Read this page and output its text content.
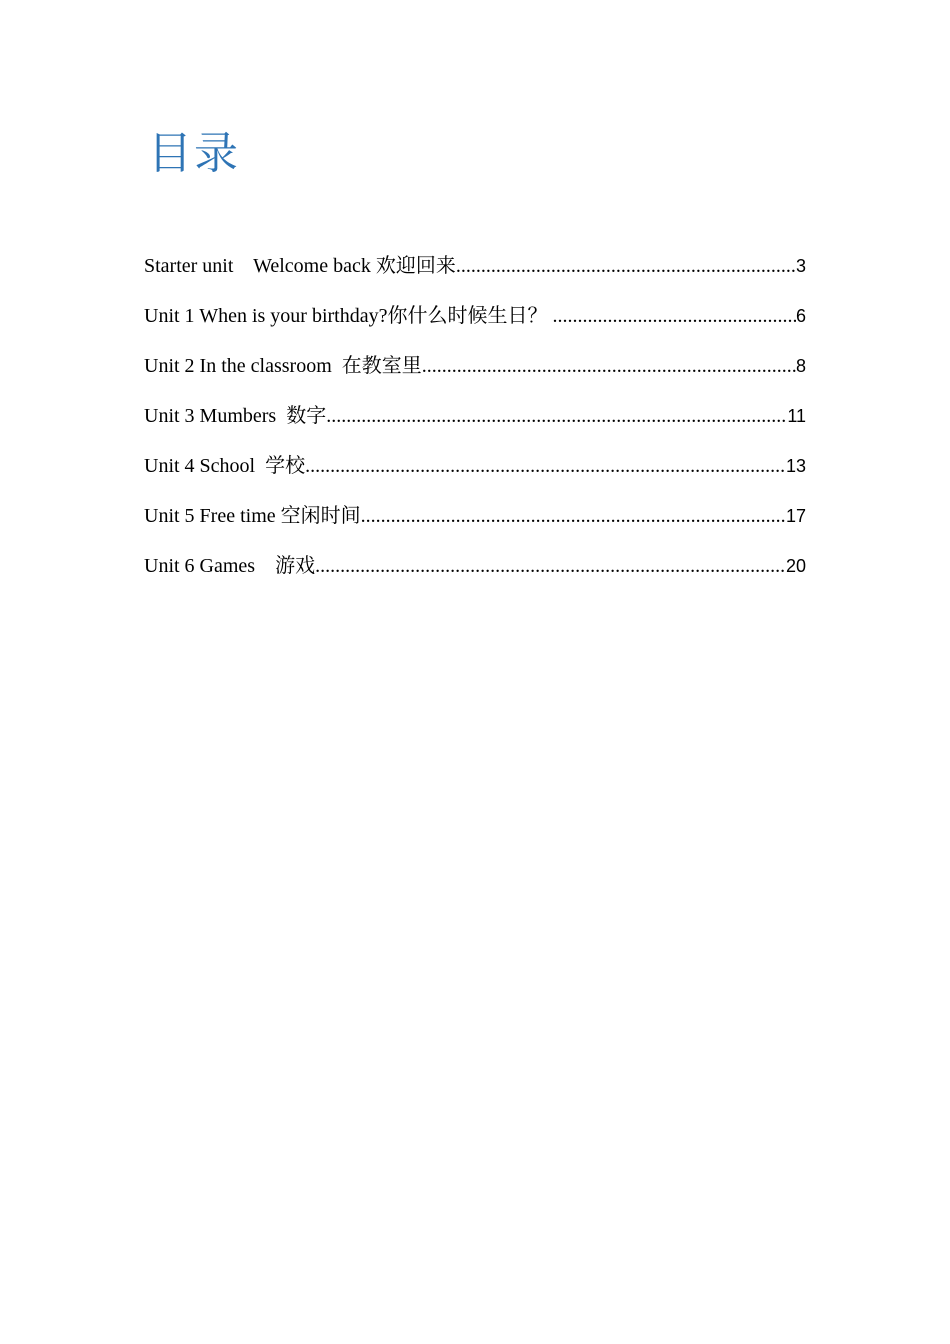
目录
Starter unit    Welcome back 欢迎回来 .....	3
Unit 1 When is your birthday?你什么时候生日？ .....	6
Unit 2 In the classroom  在教室里 .....	8
Unit 3 Mumbers  数字 .....	11
Unit 4 School  学校 .....	13
Unit 5 Free time 空闲时间 .....	17
Unit 6 Games    游戏 .....	20
